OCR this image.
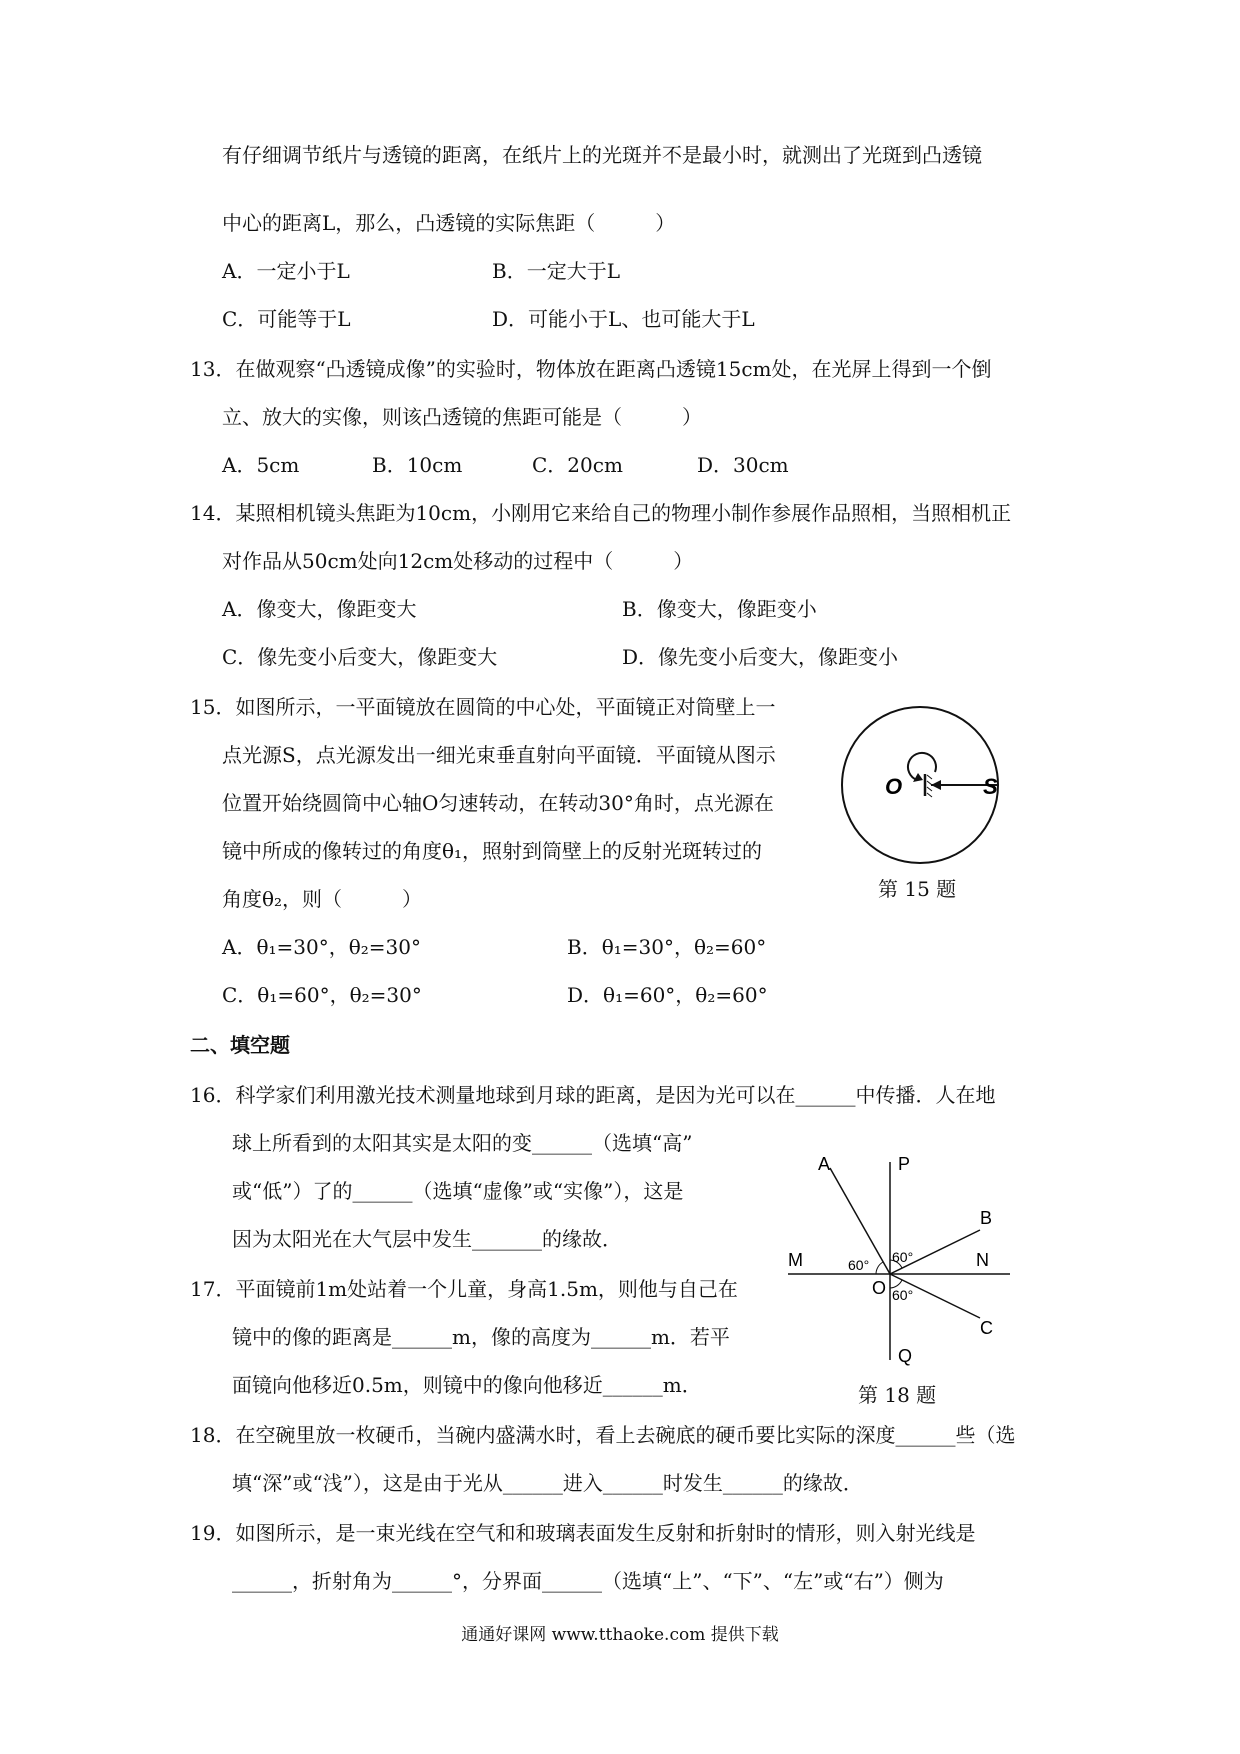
有仔细调节纸片与透镜的距离，在纸片上的光斑并不是最小时，就测出了光斑到凸透镜
中心的距离L，那么，凸透镜的实际焦距（　　　）
A．一定小于L	B．一定大于L
C．可能等于L	D．可能小于L、也可能大于L
13．在做观察“凸透镜成像”的实验时，物体放在距离凸透镜15cm处，在光屏上得到一个倒
立、放大的实像，则该凸透镜的焦距可能是（　　　）
A．5cm	B．10cm	C．20cm	D．30cm
14．某照相机镜头焦距为10cm，小刚用它来给自己的物理小制作参展作品照相，当照相机正
对作品从50cm处向12cm处移动的过程中（　　　）
A．像变大，像距变大	B．像变大，像距变小
C．像先变小后变大，像距变大	D．像先变小后变大，像距变小
15．如图所示，一平面镜放在圆筒的中心处，平面镜正对筒壁上一
点光源S，点光源发出一细光束垂直射向平面镜．平面镜从图示
位置开始绕圆筒中心轴O匀速转动，在转动30°角时，点光源在
镜中所成的像转过的角度θ₁，照射到筒壁上的反射光斑转过的
角度θ₂，则（　　　）
A．θ₁=30°，θ₂=30°	B．θ₁=30°，θ₂=60°
C．θ₁=60°，θ₂=30°	D．θ₁=60°，θ₂=60°
O	S
第 15 题
二、填空题
16．科学家们利用激光技术测量地球到月球的距离，是因为光可以在______中传播．人在地
球上所看到的太阳其实是太阳的变______（选填“高”
或“低”）了的______（选填“虚像”或“实像”），这是
因为太阳光在大气层中发生_______的缘故．
17．平面镜前1m处站着一个儿童，身高1.5m，则他与自己在
镜中的像的距离是______m，像的高度为______m．若平
面镜向他移近0.5m，则镜中的像向他移近______m．
A	P
B
M	N
O
C
Q
60° 60°
60°
第 18 题
18．在空碗里放一枚硬币，当碗内盛满水时，看上去碗底的硬币要比实际的深度______些（选
填“深”或“浅”），这是由于光从______进入______时发生______的缘故．
19．如图所示，是一束光线在空气和和玻璃表面发生反射和折射时的情形，则入射光线是
______，折射角为______°，分界面______（选填“上”、“下”、“左”或“右”）侧为
通通好课网 www.tthaoke.com 提供下载
